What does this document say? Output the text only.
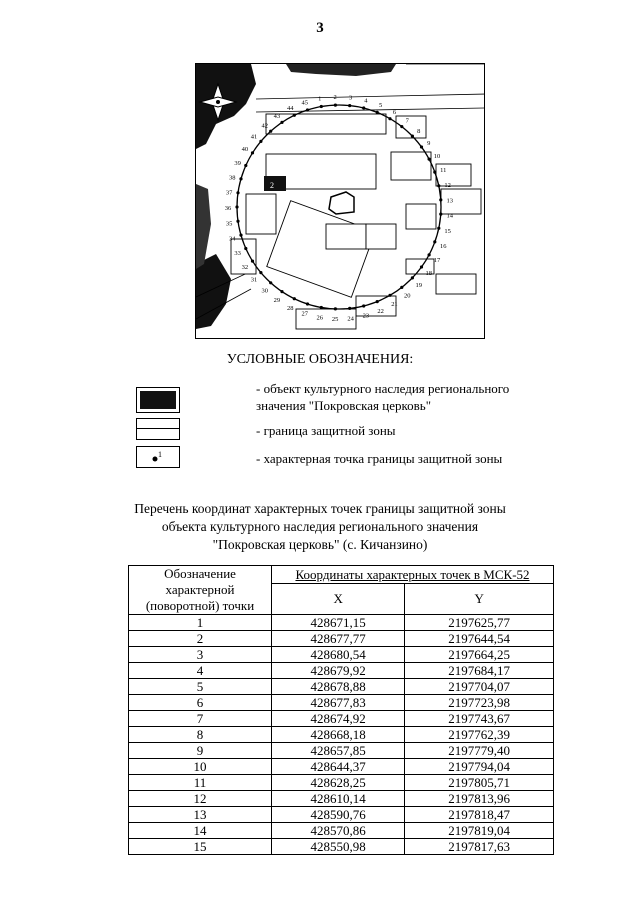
3
2
1 2 3 4
5
6
7
8
9
10
11
12
13
14
15
16
17
18
19
20
21
22
23
24
25
26
27
28
29
30
31
32
33
34
35
36
37
38
39
40
41
42
43
44
45
УСЛОВНЫЕ ОБОЗНАЧЕНИЯ:
- объект культурного наследия регионального значения "Покровская церковь"
- граница защитной зоны
1	- характерная точка границы защитной зоны
Перечень координат характерных точек границы защитной зоны
объекта культурного наследия регионального значения
"Покровская церковь" (с. Кичанзино)
Обозначение характерной (поворотной) точки	Координаты характерных точек в МСК-52	
	X	Y
1	428671,15	2197625,77
2	428677,77	2197644,54
3	428680,54	2197664,25
4	428679,92	2197684,17
5	428678,88	2197704,07
6	428677,83	2197723,98
7	428674,92	2197743,67
8	428668,18	2197762,39
9	428657,85	2197779,40
10	428644,37	2197794,04
11	428628,25	2197805,71
12	428610,14	2197813,96
13	428590,76	2197818,47
14	428570,86	2197819,04
15	428550,98	2197817,63
